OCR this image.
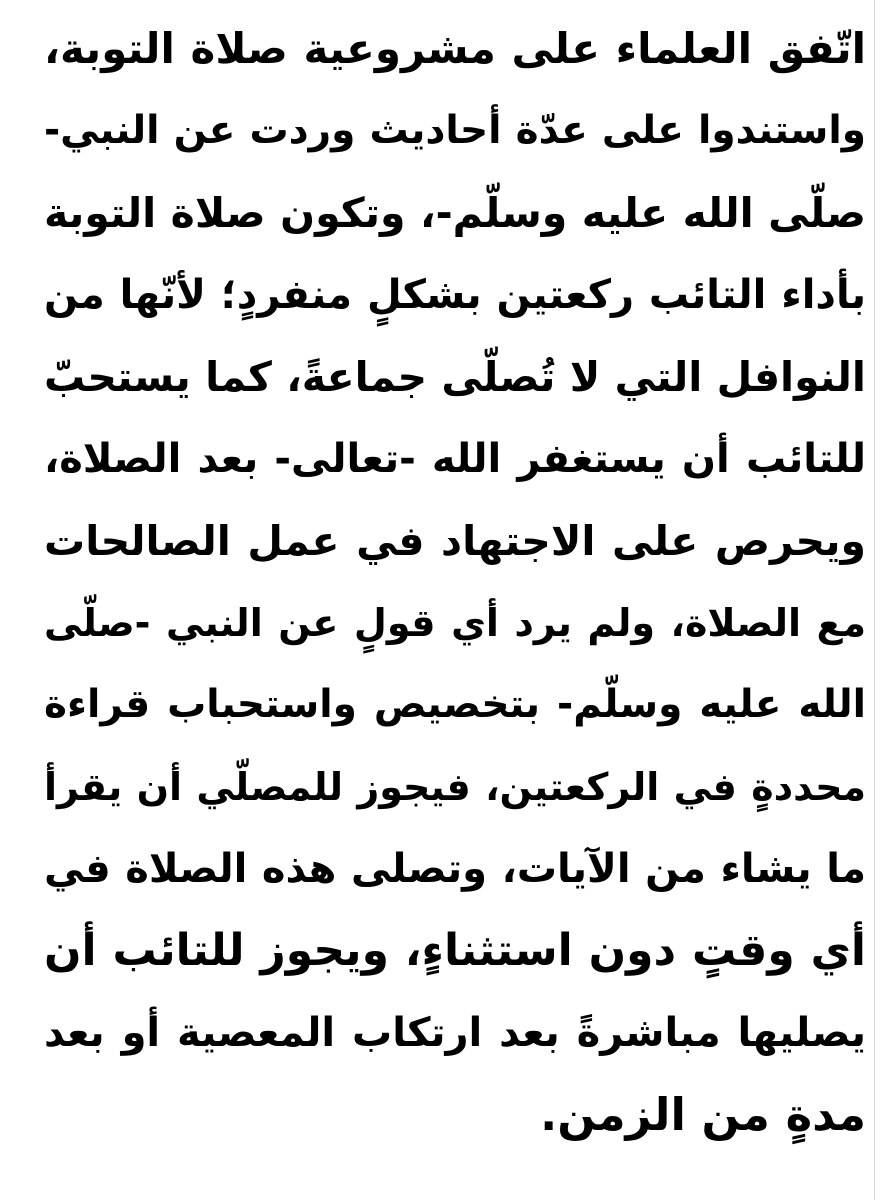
اتّفق العلماء على مشروعية صلاة التوبة،
واستندوا على عدّة أحاديث وردت عن النبي-
صلّى الله عليه وسلّم-، وتكون صلاة التوبة
بأداء التائب ركعتين بشكلٍ منفردٍ؛ لأنّها من
النوافل التي لا تُصلّى جماعةً، كما يستحبّ
للتائب أن يستغفر الله -تعالى- بعد الصلاة،
ويحرص على الاجتهاد في عمل الصالحات
مع الصلاة، ولم يرد أي قولٍ عن النبي -صلّى
الله عليه وسلّم- بتخصيص واستحباب قراءة
محددةٍ في الركعتين، فيجوز للمصلّي أن يقرأ
ما يشاء من الآيات، وتصلى هذه الصلاة في
أي وقتٍ دون استثناءٍ، ويجوز للتائب أن
يصليها مباشرةً بعد ارتكاب المعصية أو بعد
مدةٍ من الزمن.
